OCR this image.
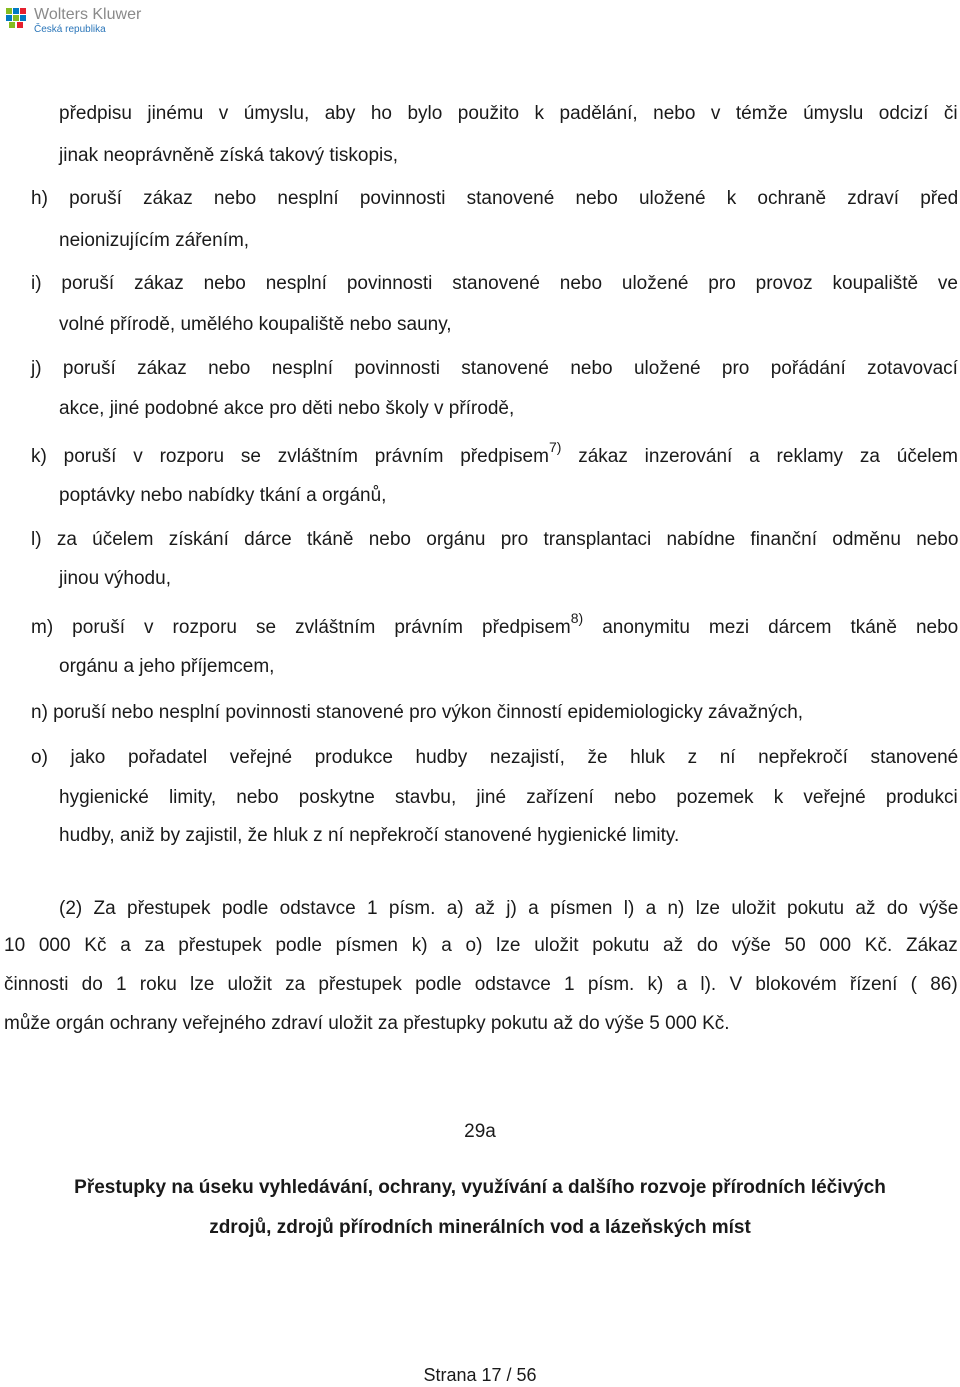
Wolters Kluwer
Česká republika
předpisu jinému v úmyslu, aby ho bylo použito k padělání, nebo v témže úmyslu odcizí či
jinak neoprávněně získá takový tiskopis,
h) poruší zákaz nebo nesplní povinnosti stanovené nebo uložené k ochraně zdraví před
neionizujícím zářením,
i) poruší zákaz nebo nesplní povinnosti stanovené nebo uložené pro provoz koupaliště ve
volné přírodě, umělého koupaliště nebo sauny,
j) poruší zákaz nebo nesplní povinnosti stanovené nebo uložené pro pořádání zotavovací
akce, jiné podobné akce pro děti nebo školy v přírodě,
k) poruší v rozporu se zvláštním právním předpisem$^{7)}$ zákaz inzerování a reklamy za účelem
poptávky nebo nabídky tkání a orgánů,
l) za účelem získání dárce tkáně nebo orgánu pro transplantaci nabídne finanční odměnu nebo
jinou výhodu,
m) poruší v rozporu se zvláštním právním předpisem$^{8)}$ anonymitu mezi dárcem tkáně nebo
orgánu a jeho příjemcem,
n) poruší nebo nesplní povinnosti stanovené pro výkon činností epidemiologicky závažných,
o) jako pořadatel veřejné produkce hudby nezajistí, že hluk z ní nepřekročí stanovené
hygienické limity, nebo poskytne stavbu, jiné zařízení nebo pozemek k veřejné produkci
hudby, aniž by zajistil, že hluk z ní nepřekročí stanovené hygienické limity.
(2) Za přestupek podle odstavce 1 písm. a) až j) a písmen l) a n) lze uložit pokutu až do výše
10 000 Kč a za přestupek podle písmen k) a o) lze uložit pokutu až do výše 50 000 Kč. Zákaz
činnosti do 1 roku lze uložit za přestupek podle odstavce 1 písm. k) a l). V blokovém řízení ( 86)
může orgán ochrany veřejného zdraví uložit za přestupky pokutu až do výše 5 000 Kč.
29a
Přestupky na úseku vyhledávání, ochrany, využívání a dalšího rozvoje přírodních léčivých
zdrojů, zdrojů přírodních minerálních vod a lázeňských míst
Strana 17 / 56
